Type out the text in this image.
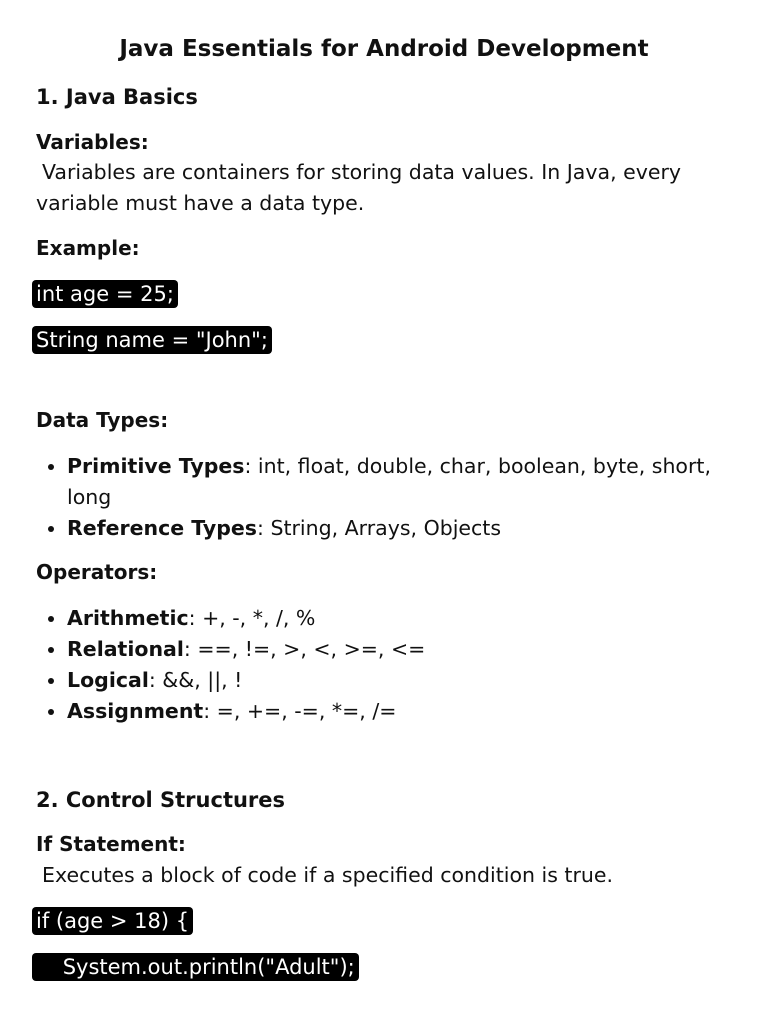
Java Essentials for Android Development
1. Java Basics
Variables:
Variables are containers for storing data values. In Java, every variable must have a data type.
Example:
int age = 25;
String name = "John";
Data Types:
Primitive Types: int, float, double, char, boolean, byte, short, long
Reference Types: String, Arrays, Objects
Operators:
Arithmetic: +, -, *, /, %
Relational: ==, !=, >, <, >=, <=
Logical: &&, ||, !
Assignment: =, +=, -=, *=, /=
2. Control Structures
If Statement:
Executes a block of code if a specified condition is true.
if (age > 18) {
System.out.println("Adult");
